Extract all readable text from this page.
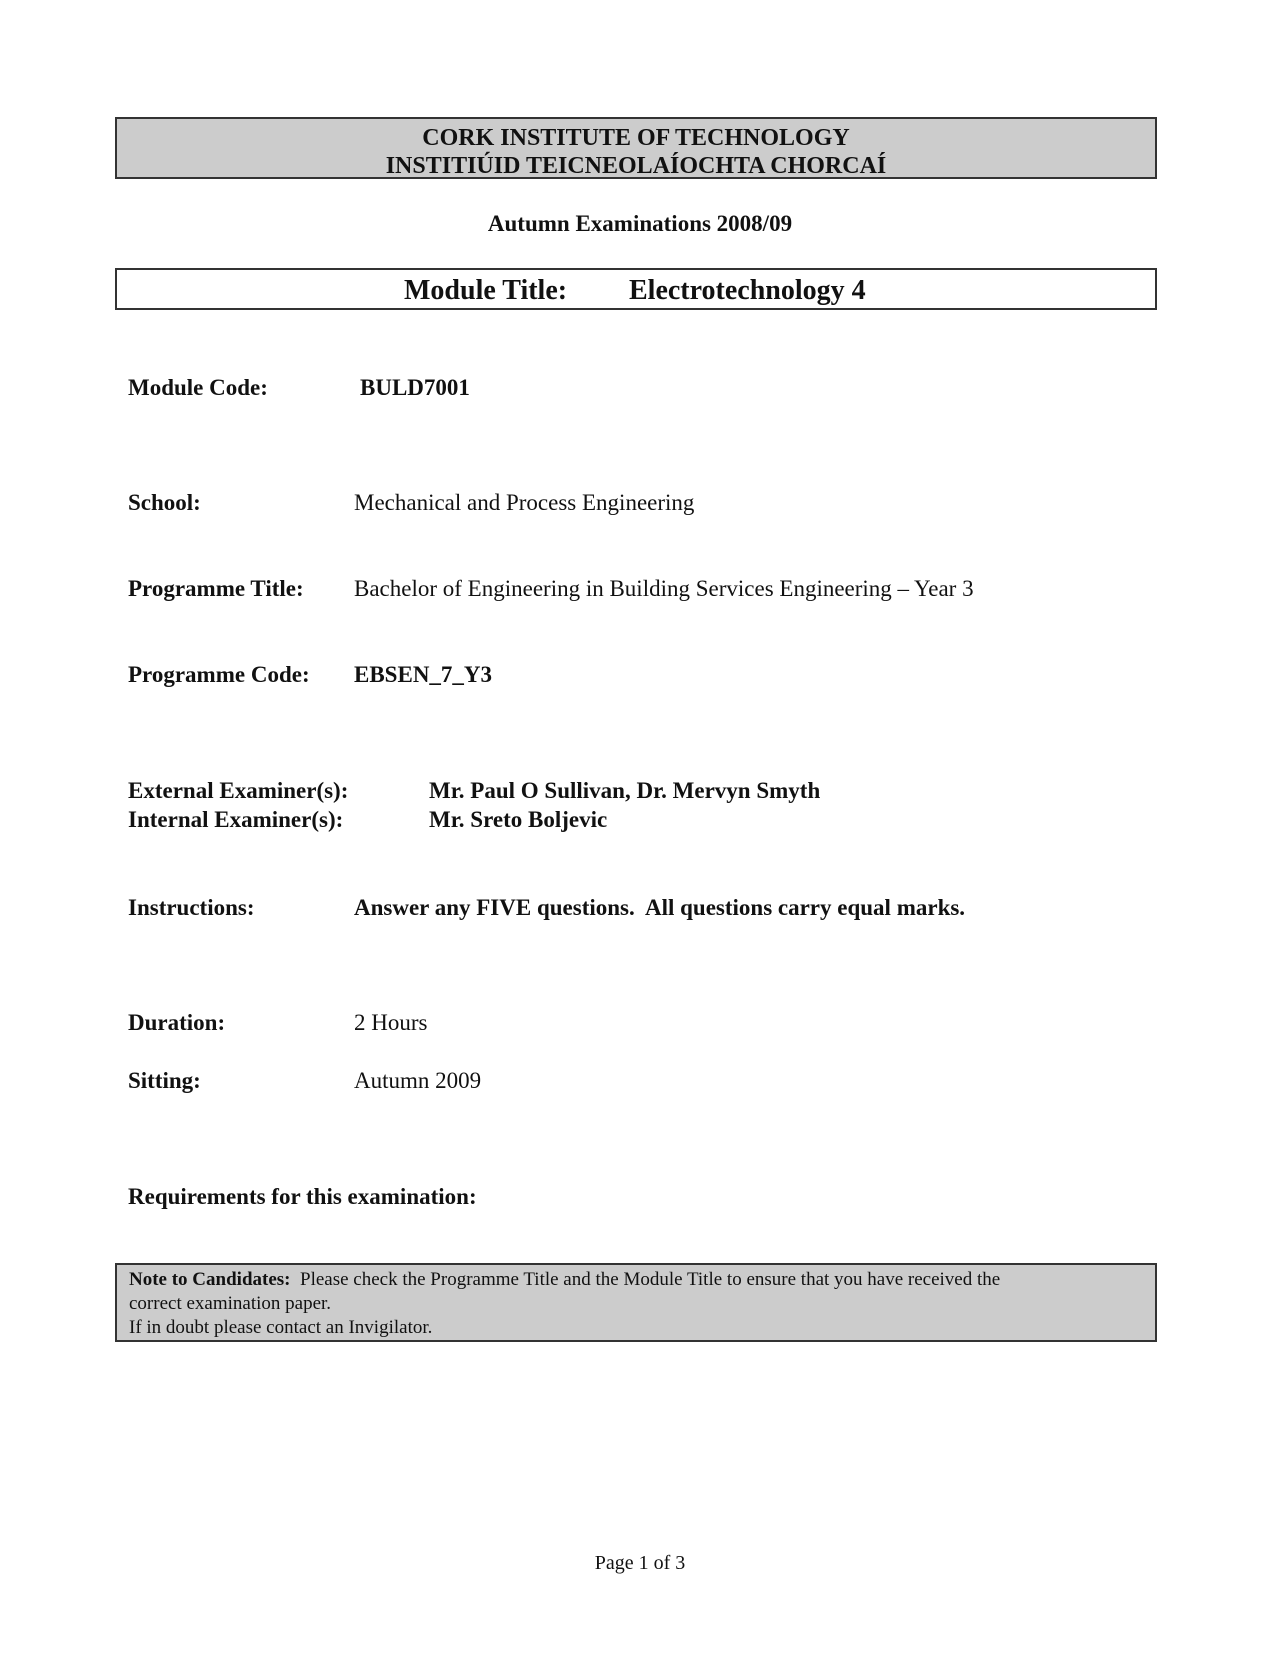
CORK INSTITUTE OF TECHNOLOGY
INSTITIÚID TEICNEOLAÍOCHTA CHORCAÍ
Autumn Examinations 2008/09
Module Title: Electrotechnology 4
Module Code:	BULD7001
School:	Mechanical and Process Engineering
Programme Title: Bachelor of Engineering in Building Services Engineering – Year 3
Programme Code: EBSEN_7_Y3
External Examiner(s):	Mr. Paul O Sullivan, Dr. Mervyn Smyth
Internal Examiner(s):	Mr. Sreto Boljevic
Instructions:	Answer any FIVE questions.  All questions carry equal marks.
Duration:	2 Hours
Sitting:	Autumn 2009
Requirements for this examination:
Note to Candidates: Please check the Programme Title and the Module Title to ensure that you have received the
correct examination paper.
If in doubt please contact an Invigilator.
Page 1 of 3
